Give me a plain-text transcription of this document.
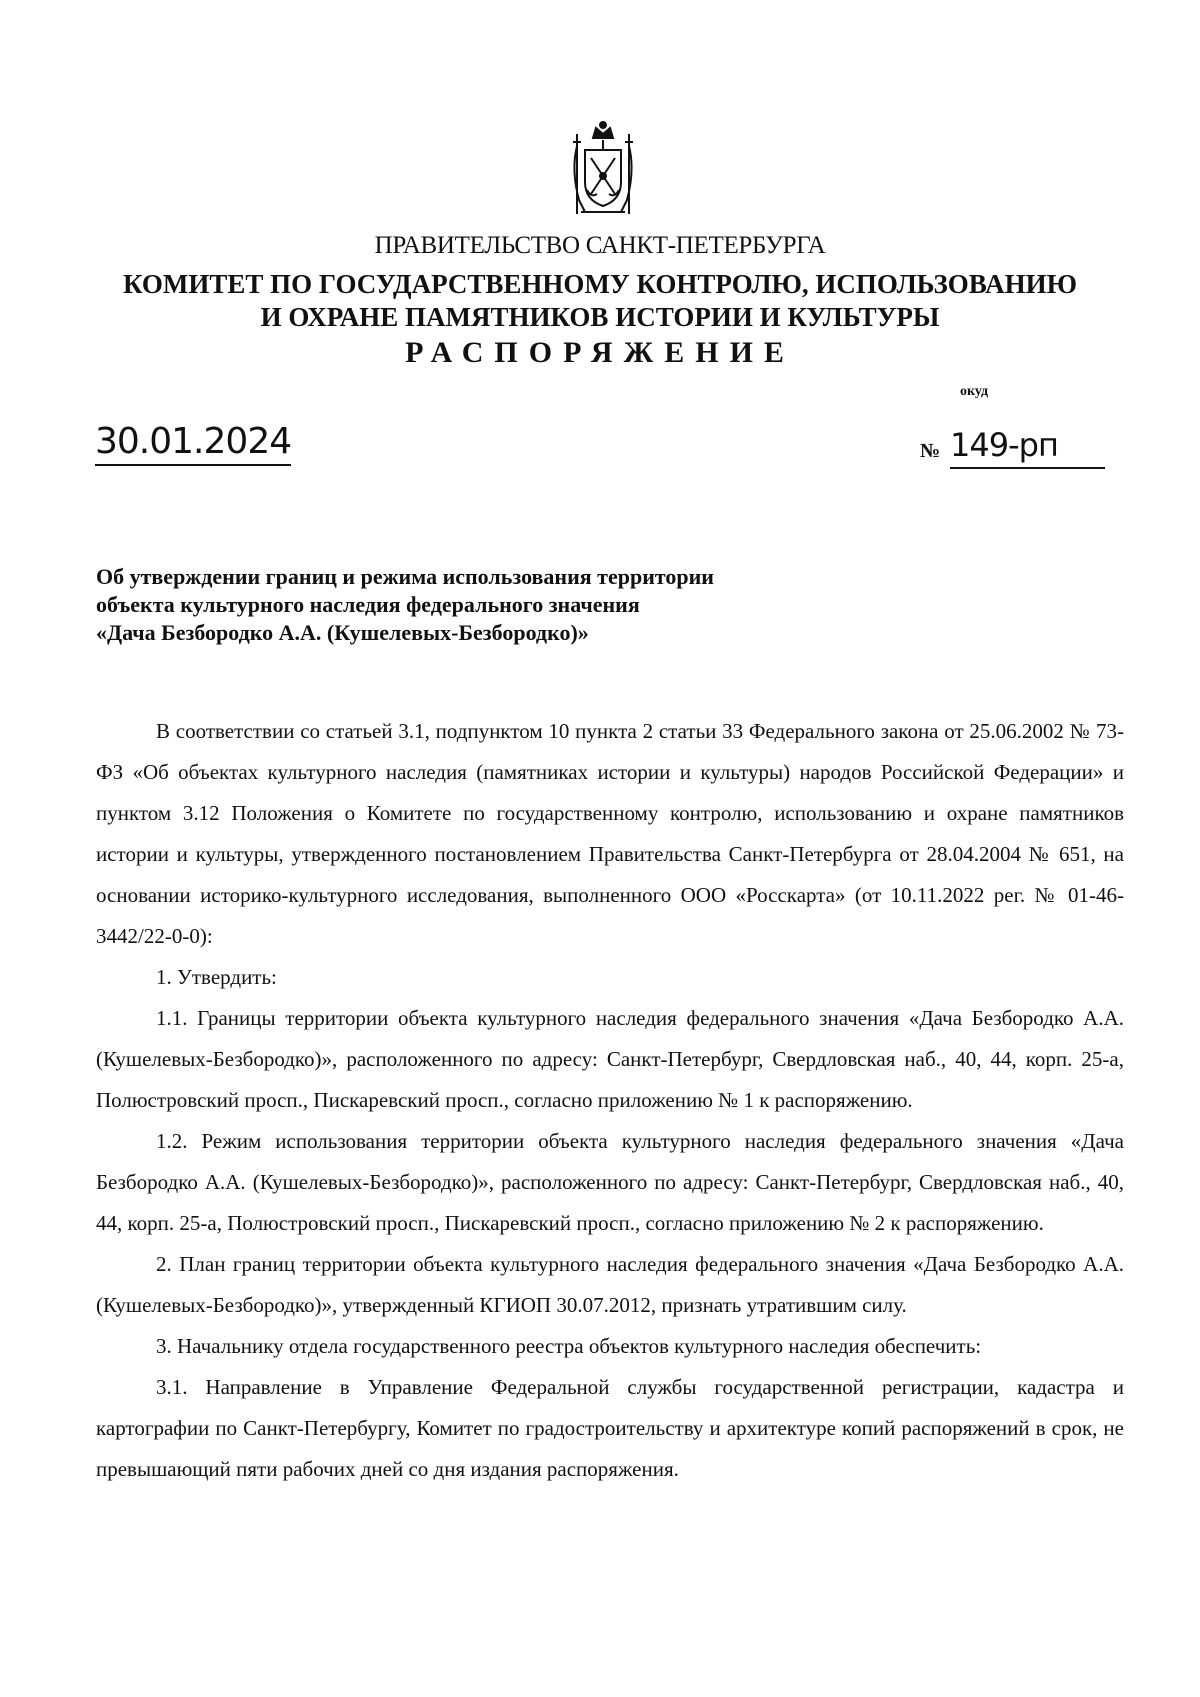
ПРАВИТЕЛЬСТВО САНКТ-ПЕТЕРБУРГА
КОМИТЕТ ПО ГОСУДАРСТВЕННОМУ КОНТРОЛЮ, ИСПОЛЬЗОВАНИЮ
И ОХРАНЕ ПАМЯТНИКОВ ИСТОРИИ И КУЛЬТУРЫ
РАСПОРЯЖЕНИЕ
окуд
30.01.2024	№ 149-рп
Об утверждении границ и режима использования территории
объекта культурного наследия федерального значения
«Дача Безбородко А.А. (Кушелевых-Безбородко)»

В соответствии со статьей 3.1, подпунктом 10 пункта 2 статьи 33 Федерального закона от 25.06.2002 № 73-ФЗ «Об объектах культурного наследия (памятниках истории и культуры) народов Российской Федерации» и пунктом 3.12 Положения о Комитете по государственному контролю, использованию и охране памятников истории и культуры, утвержденного постановлением Правительства Санкт-Петербурга от 28.04.2004 № 651, на основании историко-культурного исследования, выполненного ООО «Росскарта» (от 10.11.2022 рег. № 01-46-3442/22-0-0):

1. Утвердить:

1.1. Границы территории объекта культурного наследия федерального значения «Дача Безбородко А.А. (Кушелевых-Безбородко)», расположенного по адресу: Санкт-Петербург, Свердловская наб., 40, 44, корп. 25-а, Полюстровский просп., Пискаревский просп., согласно приложению № 1 к распоряжению.

1.2. Режим использования территории объекта культурного наследия федерального значения «Дача Безбородко А.А. (Кушелевых-Безбородко)», расположенного по адресу: Санкт-Петербург, Свердловская наб., 40, 44, корп. 25-а, Полюстровский просп., Пискаревский просп., согласно приложению № 2 к распоряжению.

2. План границ территории объекта культурного наследия федерального значения «Дача Безбородко А.А. (Кушелевых-Безбородко)», утвержденный КГИОП 30.07.2012, признать утратившим силу.

3. Начальнику отдела государственного реестра объектов культурного наследия обеспечить:

3.1. Направление в Управление Федеральной службы государственной регистрации, кадастра и картографии по Санкт-Петербургу, Комитет по градостроительству и архитектуре копий распоряжений в срок, не превышающий пяти рабочих дней со дня издания распоряжения.
